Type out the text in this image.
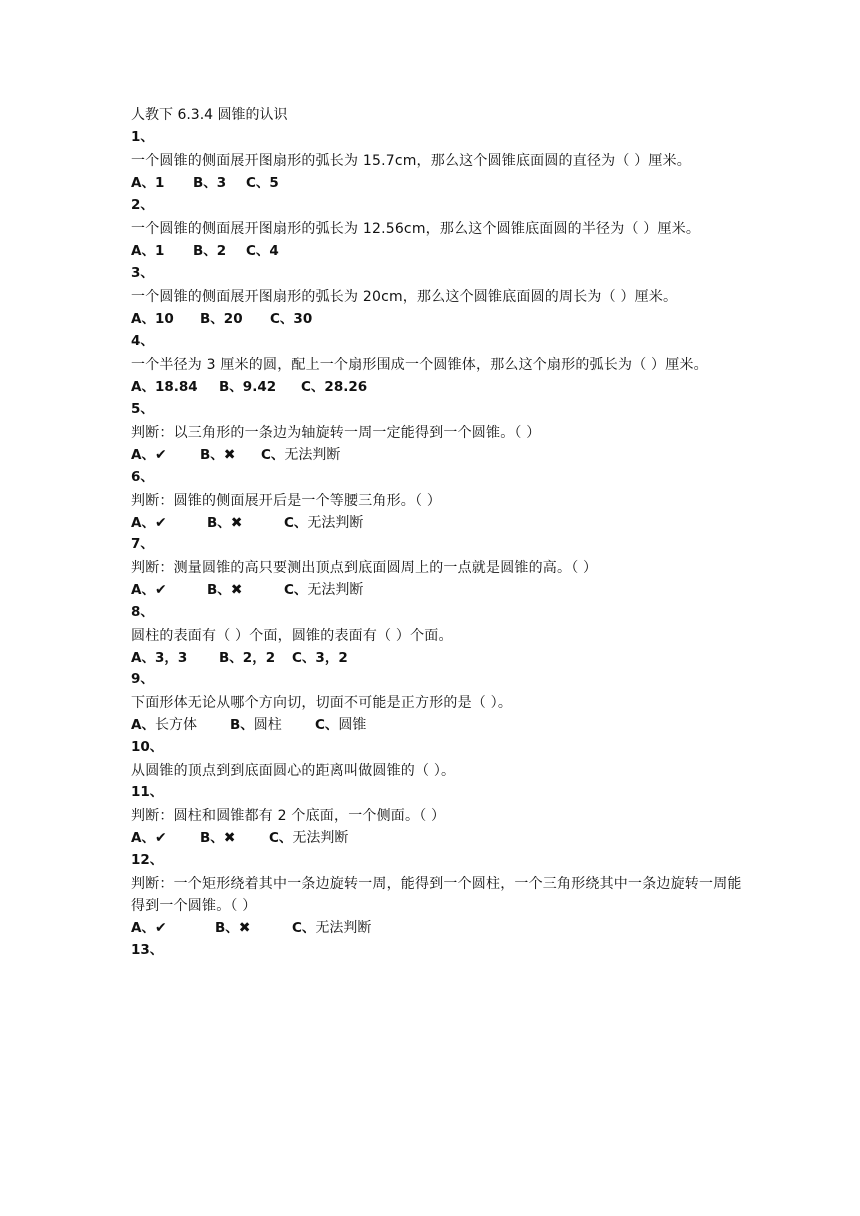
人教下 6.3.4 圆锥的认识
1、
一个圆锥的侧面展开图扇形的弧长为 15.7cm，那么这个圆锥底面圆的直径为（ ）厘米。
A、1 B、3 C、5
2、
一个圆锥的侧面展开图扇形的弧长为 12.56cm，那么这个圆锥底面圆的半径为（ ）厘米。
A、1 B、2 C、4
3、
一个圆锥的侧面展开图扇形的弧长为 20cm，那么这个圆锥底面圆的周长为（ ）厘米。
A、10 B、20 C、30
4、
一个半径为 3 厘米的圆，配上一个扇形围成一个圆锥体，那么这个扇形的弧长为（ ）厘米。
A、18.84 B、9.42 C、28.26
5、
判断：以三角形的一条边为轴旋转一周一定能得到一个圆锥。（ ）
A、✔ B、✖ C、无法判断
6、
判断：圆锥的侧面展开后是一个等腰三角形。（ ）
A、✔	B、✖	C、无法判断
7、
判断：测量圆锥的高只要测出顶点到底面圆周上的一点就是圆锥的高。（ ）
A、✔	B、✖	C、无法判断
8、
圆柱的表面有（ ）个面，圆锥的表面有（ ）个面。
A、3，3 B、2，2 C、3，2
9、
下面形体无论从哪个方向切，切面不可能是正方形的是（ ）。
A、长方体 B、圆柱 C、圆锥
10、
从圆锥的顶点到到底面圆心的距离叫做圆锥的（ ）。
11、
判断：圆柱和圆锥都有 2 个底面，一个侧面。（ ）
A、✔ B、✖ C、无法判断
12、
判断：一个矩形绕着其中一条边旋转一周，能得到一个圆柱，一个三角形绕其中一条边旋转一周能得到一个圆锥。（ ）
A、✔	B、✖	C、无法判断
13、
